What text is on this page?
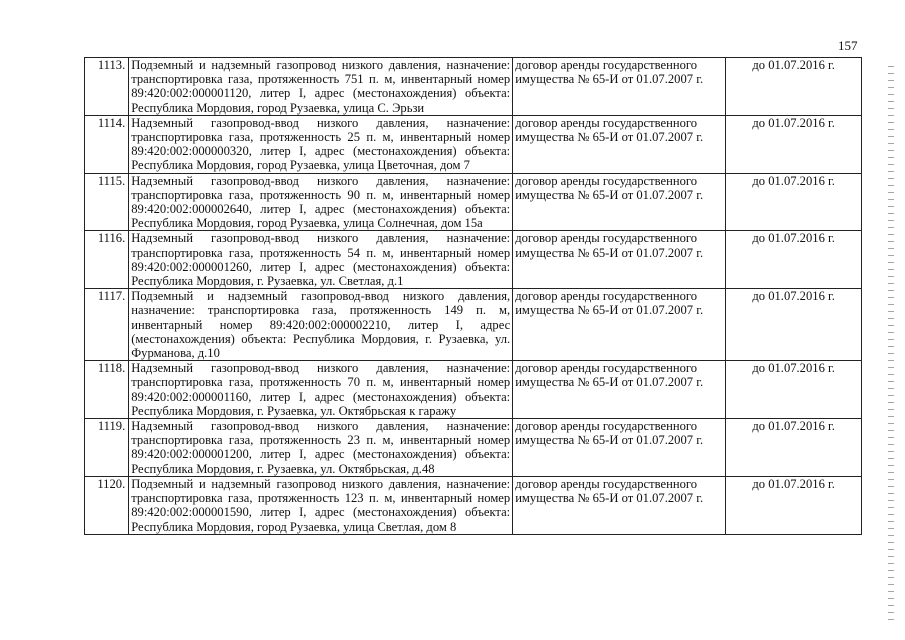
157
1113.	Подземный и надземный газопровод низкого давления, назначение: транспортировка газа, протяженность 751 п. м, инвентарный номер 89:420:002:000001120, литер I, адрес (местонахождения) объекта: Республика Мордовия, город Рузаевка, улица С. Эрьзи	договор аренды государственного имущества № 65-И от 01.07.2007 г.	до 01.07.2016 г.
1114.	Надземный газопровод-ввод низкого давления, назначение: транспортировка газа, протяженность 25 п. м, инвентарный номер 89:420:002:000000320, литер I, адрес (местонахождения) объекта: Республика Мордовия, город Рузаевка, улица Цветочная, дом 7	договор аренды государственного имущества № 65-И от 01.07.2007 г.	до 01.07.2016 г.
1115.	Надземный газопровод-ввод низкого давления, назначение: транспортировка газа, протяженность 90 п. м, инвентарный номер 89:420:002:000002640, литер I, адрес (местонахождения) объекта: Республика Мордовия, город Рузаевка, улица Солнечная, дом 15а	договор аренды государственного имущества № 65-И от 01.07.2007 г.	до 01.07.2016 г.
1116.	Надземный газопровод-ввод низкого давления, назначение: транспортировка газа, протяженность 54 п. м, инвентарный номер 89:420:002:000001260, литер I, адрес (местонахождения) объекта: Республика Мордовия, г. Рузаевка, ул. Светлая, д.1	договор аренды государственного имущества № 65-И от 01.07.2007 г.	до 01.07.2016 г.
1117.	Подземный и надземный газопровод-ввод низкого давления, назначение: транспортировка газа, протяженность 149 п. м, инвентарный номер 89:420:002:000002210, литер I, адрес (местонахождения) объекта: Республика Мордовия, г. Рузаевка, ул. Фурманова, д.10	договор аренды государственного имущества № 65-И от 01.07.2007 г.	до 01.07.2016 г.
1118.	Надземный газопровод-ввод низкого давления, назначение: транспортировка газа, протяженность 70 п. м, инвентарный номер 89:420:002:000001160, литер I, адрес (местонахождения) объекта: Республика Мордовия, г. Рузаевка, ул. Октябрьская к гаражу	договор аренды государственного имущества № 65-И от 01.07.2007 г.	до 01.07.2016 г.
1119.	Надземный газопровод-ввод низкого давления, назначение: транспортировка газа, протяженность 23 п. м, инвентарный номер 89:420:002:000001200, литер I, адрес (местонахождения) объекта: Республика Мордовия, г. Рузаевка, ул. Октябрьская, д.48	договор аренды государственного имущества № 65-И от 01.07.2007 г.	до 01.07.2016 г.
1120.	Подземный и надземный газопровод низкого давления, назначение: транспортировка газа, протяженность 123 п. м, инвентарный номер 89:420:002:000001590, литер I, адрес (местонахождения) объекта: Республика Мордовия, город Рузаевка, улица Светлая, дом 8	договор аренды государственного имущества № 65-И от 01.07.2007 г.	до 01.07.2016 г.
